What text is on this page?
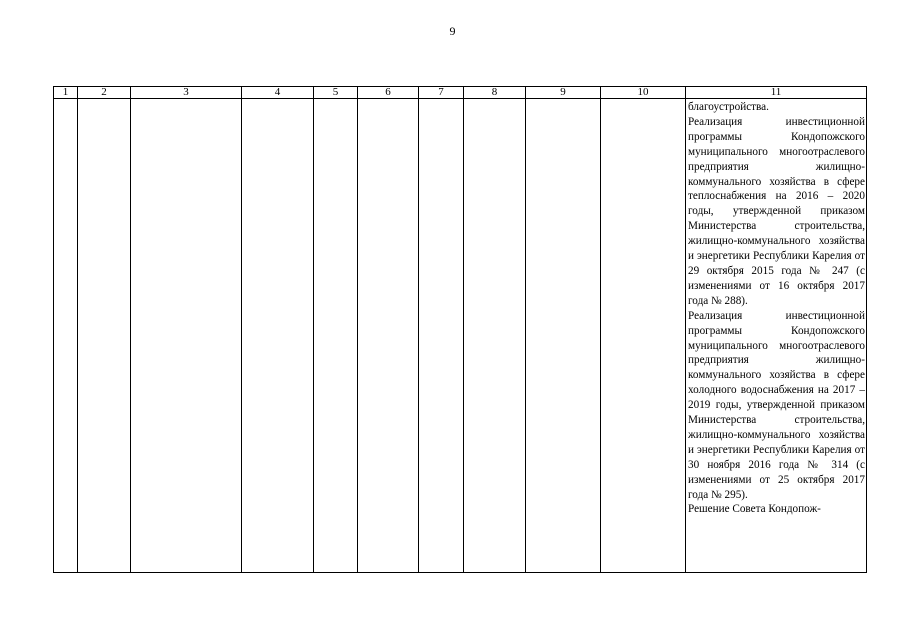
9
1	2	3	4	5	6	7	8	9	10	11

										благоустройства.
Реализация инвестиционной программы Кондопожского муниципального многоотраслевого предприятия жилищно-коммунального хозяйства в сфере теплоснабжения на 2016 – 2020 годы, утвержденной приказом Министерства строительства, жилищно-коммунального хозяйства и энергетики Республики Карелия от 29 октября 2015 года № 247 (с изменениями от 16 октября 2017 года № 288).
Реализация инвестиционной программы Кондопожского муниципального многоотраслевого предприятия жилищно-коммунального хозяйства в сфере холодного водоснабжения на 2017 – 2019 годы, утвержденной приказом Министерства строительства, жилищно-коммунального хозяйства и энергетики Республики Карелия от 30 ноября 2016 года № 314 (с изменениями от 25 октября 2017 года № 295).
Решение Совета Кондопож-
